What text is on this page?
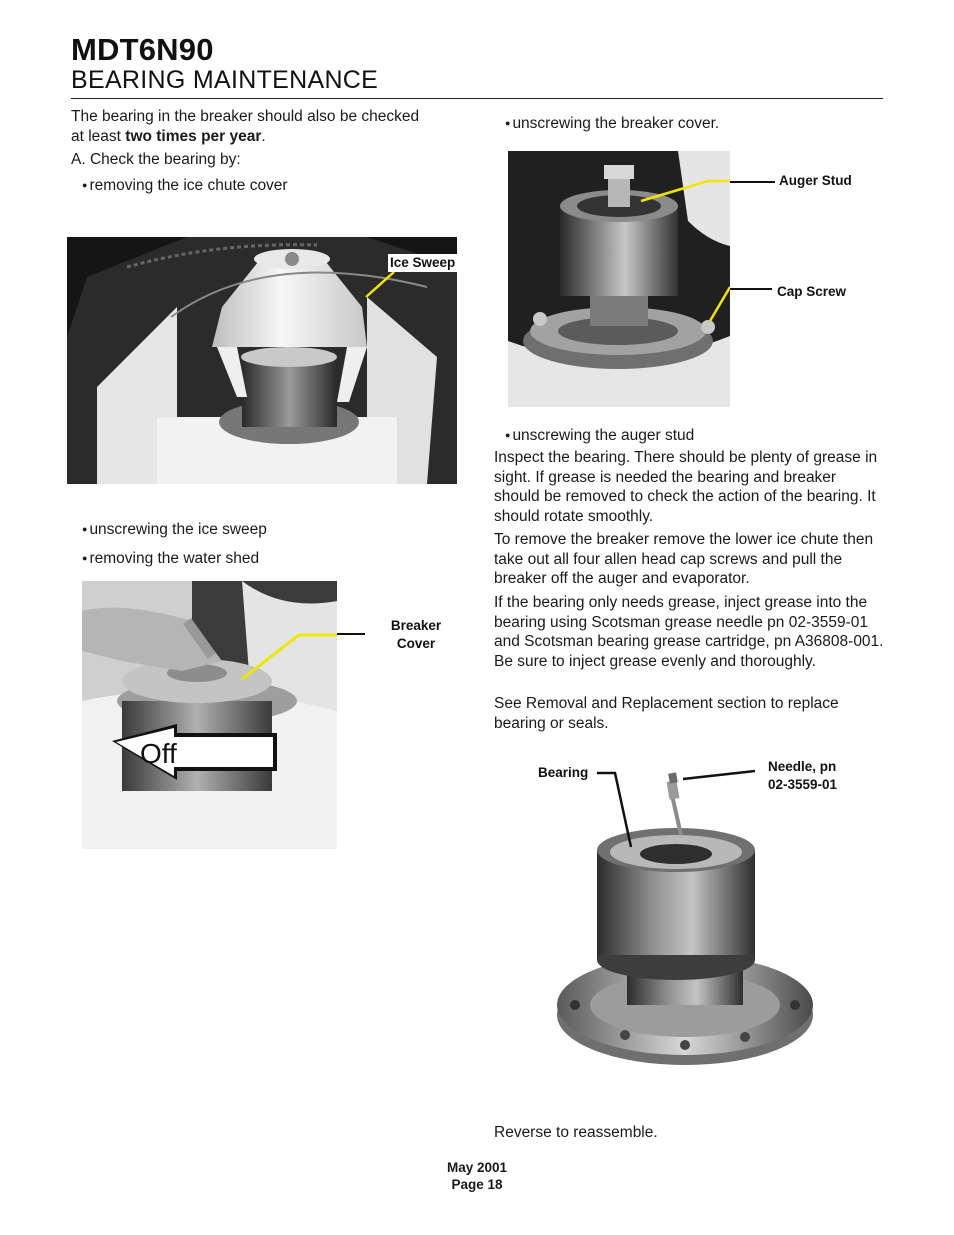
MDT6N90
BEARING MAINTENANCE
The bearing in the breaker should also be checked
at least two times per year.
A. Check the bearing by:
● removing the ice chute cover
Ice Sweep
● unscrewing the ice sweep
● removing the water shed
Off
Breaker
Cover
● unscrewing the breaker cover.
Auger Stud
Cap Screw
● unscrewing the auger stud
Inspect the bearing. There should be plenty of grease in sight. If grease is needed the bearing and breaker should be removed to check the action of the bearing. It should rotate smoothly.
To remove the breaker remove the lower ice chute then take out all four allen head cap screws and pull the breaker off the auger and evaporator.
If the bearing only needs grease, inject grease into the bearing using Scotsman grease needle pn 02-3559-01 and Scotsman bearing grease cartridge, pn A36808-001. Be sure to inject grease evenly and thoroughly.
See Removal and Replacement section to replace bearing or seals.
Bearing	Needle, pn
02-3559-01
Reverse to reassemble.
May 2001
Page 18
